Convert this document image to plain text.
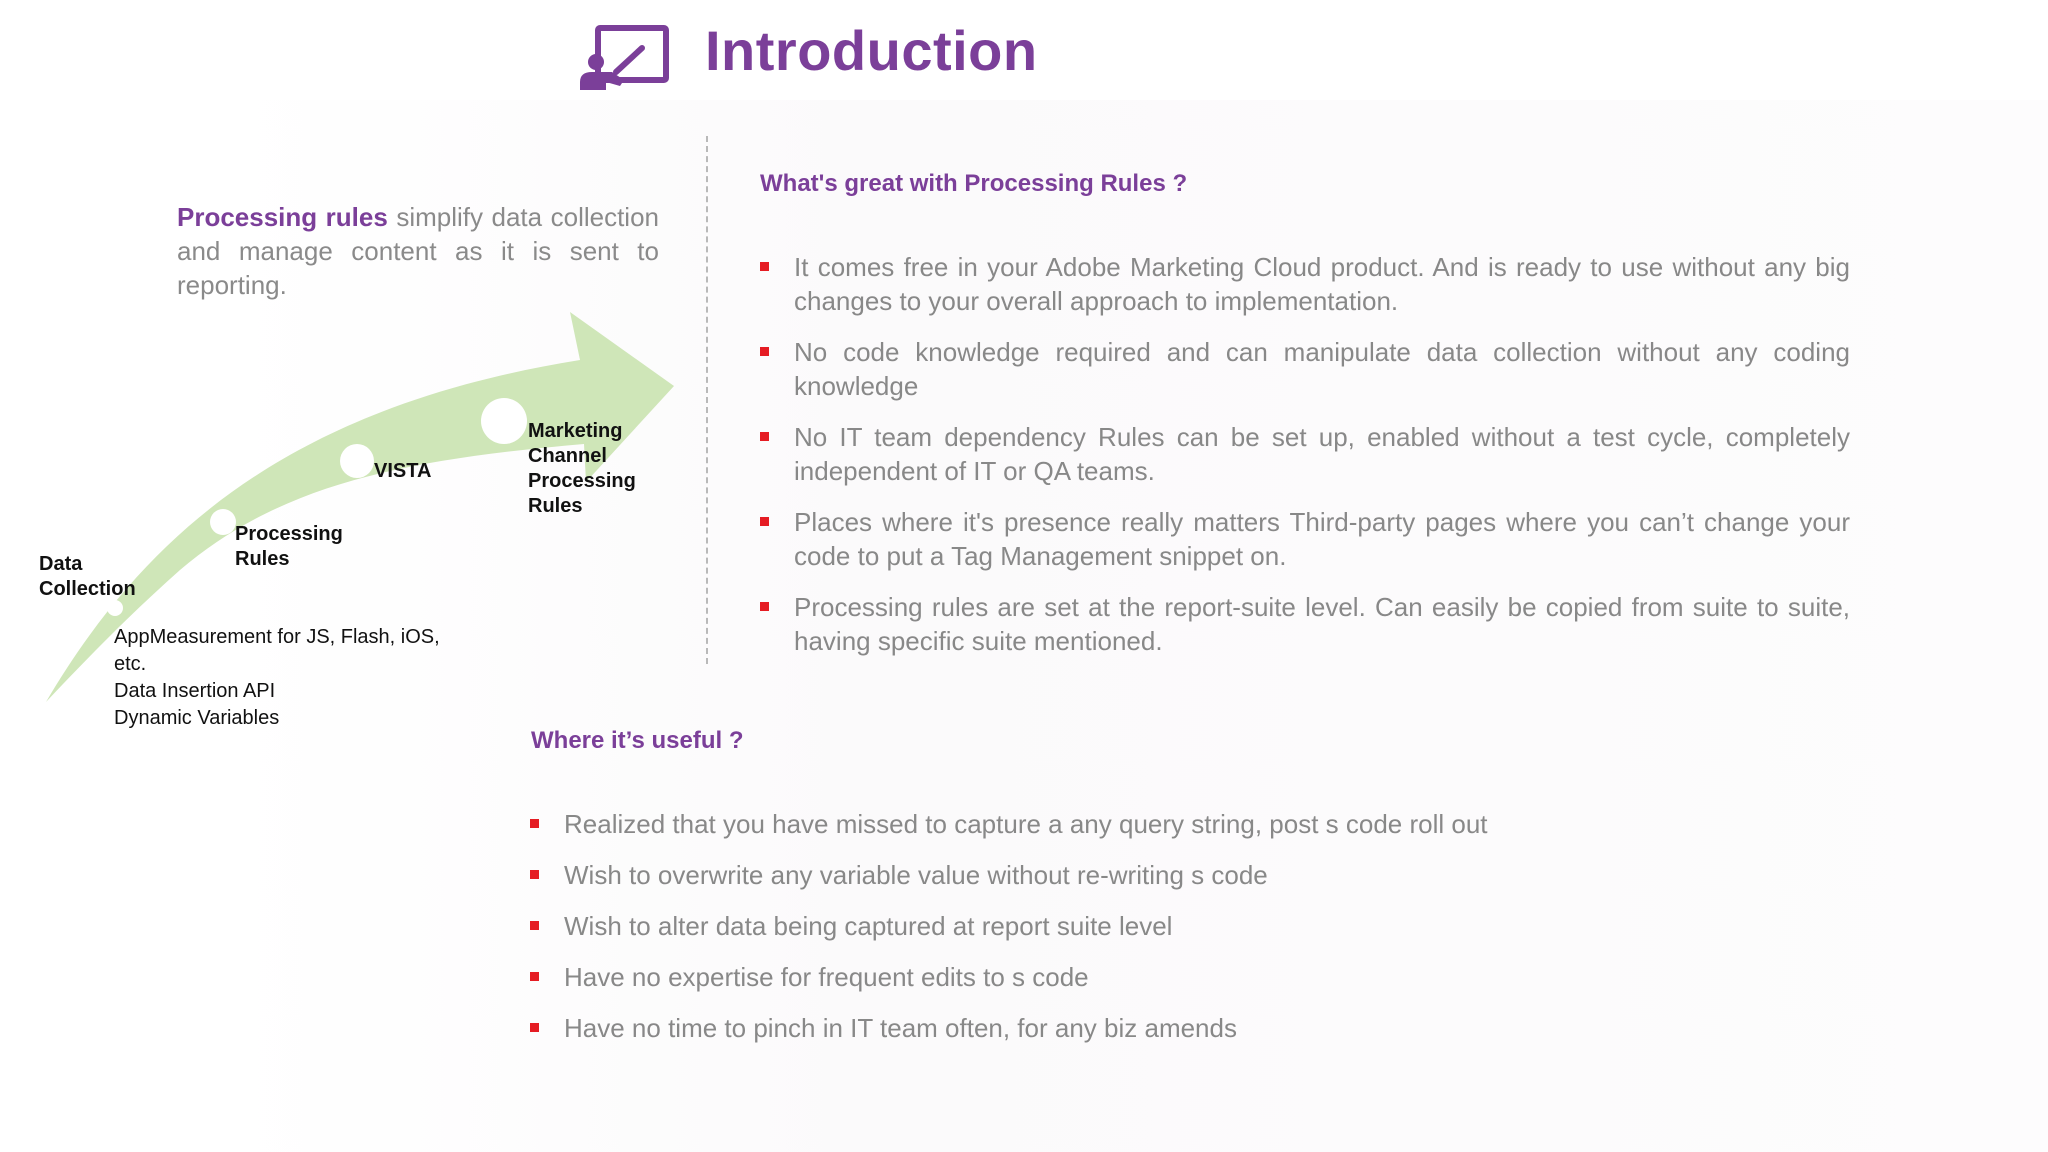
Introduction
Processing rules simplify data collection and manage content as it is sent to reporting.
Data
Collection
Processing
Rules
VISTA
Marketing
Channel
Processing
Rules
AppMeasurement for JS, Flash, iOS, etc.
Data Insertion API
Dynamic Variables
What's great with Processing Rules ?
It comes free in your Adobe Marketing Cloud product. And is ready to use without any big changes to your overall approach to implementation.
No code knowledge required and can manipulate data collection without any coding knowledge
No IT team dependency Rules can be set up, enabled without a test cycle, completely independent of IT or QA teams.
Places where it's presence really matters Third-party pages where you can’t change your code to put a Tag Management snippet on.
Processing rules are set at the report-suite level. Can easily be copied from suite to suite, having specific suite mentioned.
Where it’s useful ?
Realized that you have missed to capture a any query string, post s code roll out
Wish to overwrite any variable value without re-writing s code
Wish to alter data being captured at report suite level
Have no expertise for frequent edits to s code
Have no time to pinch in IT team often, for any biz amends
